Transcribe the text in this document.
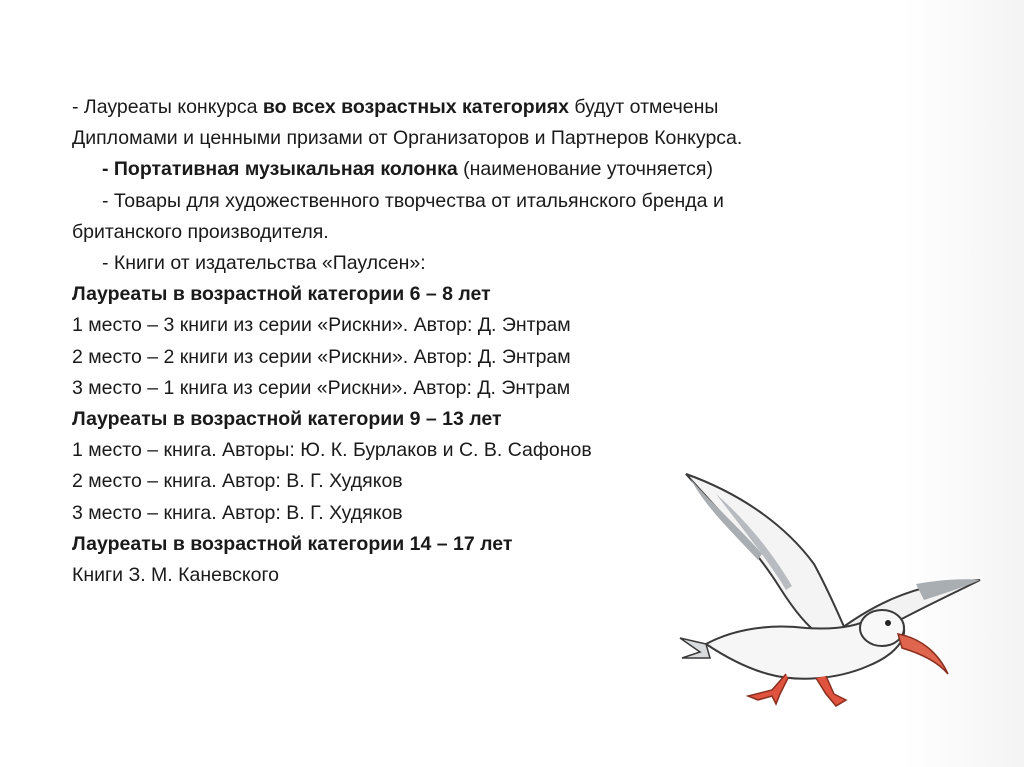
- Лауреаты конкурса во всех возрастных категориях будут отмечены
Дипломами и ценными призами от Организаторов и Партнеров Конкурса.
- Портативная музыкальная колонка (наименование уточняется)
- Товары для художественного творчества от итальянского бренда и
британского производителя.
- Книги от издательства «Паулсен»:
Лауреаты в возрастной категории 6 – 8 лет
1 место – 3 книги из серии «Рискни». Автор: Д. Энтрам
2 место – 2 книги из серии «Рискни». Автор: Д. Энтрам
3 место – 1 книга из серии «Рискни». Автор: Д. Энтрам
Лауреаты в возрастной категории 9 – 13 лет
1 место – книга. Авторы: Ю. К. Бурлаков и С. В. Сафонов
2 место – книга. Автор: В. Г. Худяков
3 место – книга. Автор: В. Г. Худяков
Лауреаты в возрастной категории 14 – 17 лет
Книги З. М. Каневского
